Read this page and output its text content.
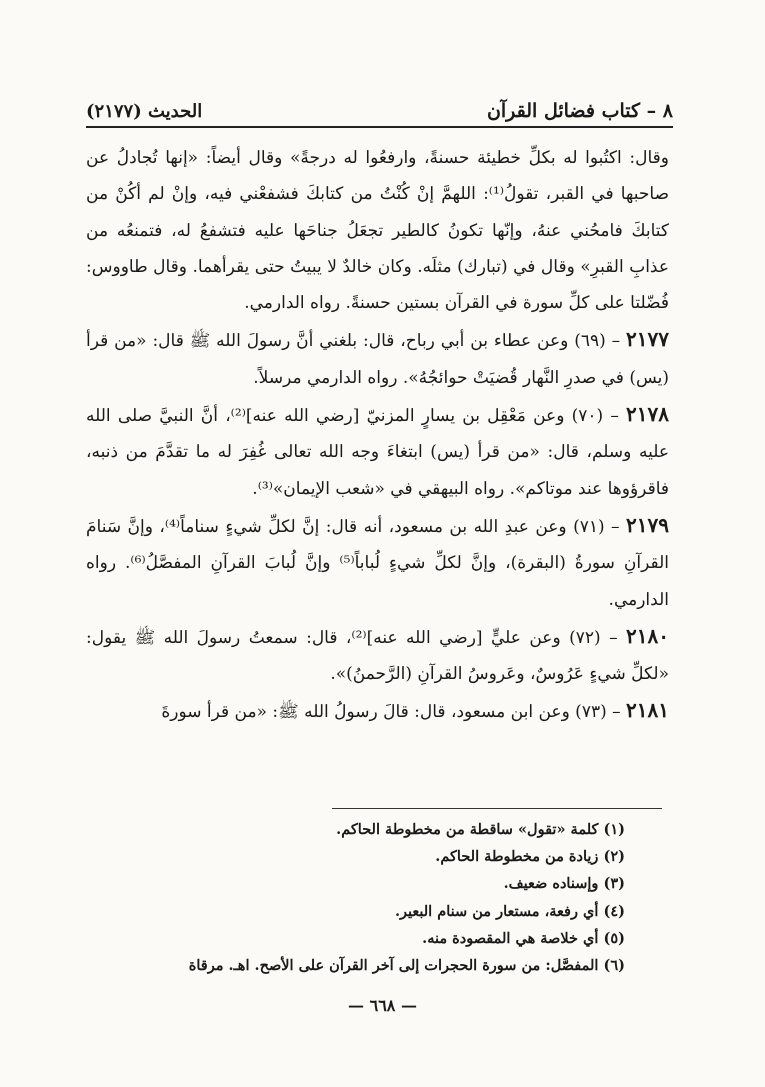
٨ – كتاب فضائل القرآن
الحديث (٢١٧٧)

وقال: اكتُبوا له بكلِّ خطيئة حسنةً، وارفعُوا له درجةً» وقال أيضاً: «إنها تُجادلُ عن صاحبها في القبر، تقولُ⁽¹⁾: اللهمَّ إنْ كُنْتُ من كتابكَ فشفعْني فيه، وإنْ لم أكُنْ من كتابكَ فامحُني عنهُ، وإنّها تكونُ كالطير تجعَلُ جناحَها عليه فتشفعُ له، فتمنعُه من عذابِ القبرِ» وقال في (تبارك) مثلَه. وكان خالدٌ لا يبيتُ حتى يقرأهما. وقال طاووس: فُضّلتا على كلِّ سورة في القرآن بستين حسنةً. رواه الدارمي.

٢١٧٧ – (٦٩) وعن عطاء بن أبي رباح، قال: بلغني أنَّ رسولَ الله ﷺ قال: «من قرأ (يس) في صدرِ النَّهار قُضيَتْ حوائجُهُ». رواه الدارمي مرسلاً.

٢١٧٨ – (٧٠) وعن مَعْقِل بن يسارٍ المزنيّ [رضي الله عنه]⁽²⁾، أنَّ النبيَّ صلى الله عليه وسلم، قال: «من قرأ (يس) ابتغاءَ وجه الله تعالى غُفِرَ له ما تقدَّمَ من ذنبه، فاقرؤوها عند موتاكم». رواه البيهقي في «شعب الإيمان»⁽³⁾.

٢١٧٩ – (٧١) وعن عبدِ الله بن مسعود، أنه قال: إنَّ لكلِّ شيءٍ سناماً⁽⁴⁾، وإنَّ سَنامَ القرآنِ سورةُ (البقرة)، وإنَّ لكلِّ شيءٍ لُباباً⁽⁵⁾ وإنَّ لُبابَ القرآنِ المفصَّلُ⁽⁶⁾. رواه الدارمي.

٢١٨٠ – (٧٢) وعن عليٍّ [رضي الله عنه]⁽²⁾، قال: سمعتُ رسولَ الله ﷺ يقول: «لكلِّ شيءٍ عَرُوسٌ، وعَروسُ القرآنِ (الرَّحمنُ)».

٢١٨١ – (٧٣) وعن ابن مسعود، قال: قالَ رسولُ الله ﷺ: «من قرأ سورةَ

(١) كلمة «تقول» ساقطة من مخطوطة الحاكم.
(٢) زيادة من مخطوطة الحاكم.
(٣) وإسناده ضعيف.
(٤) أي رفعة، مستعار من سنام البعير.
(٥) أي خلاصة هي المقصودة منه.
(٦) المفصَّل: من سورة الحجرات إلى آخر القرآن على الأصح. اهـ. مرقاة
— ٦٦٨ —
